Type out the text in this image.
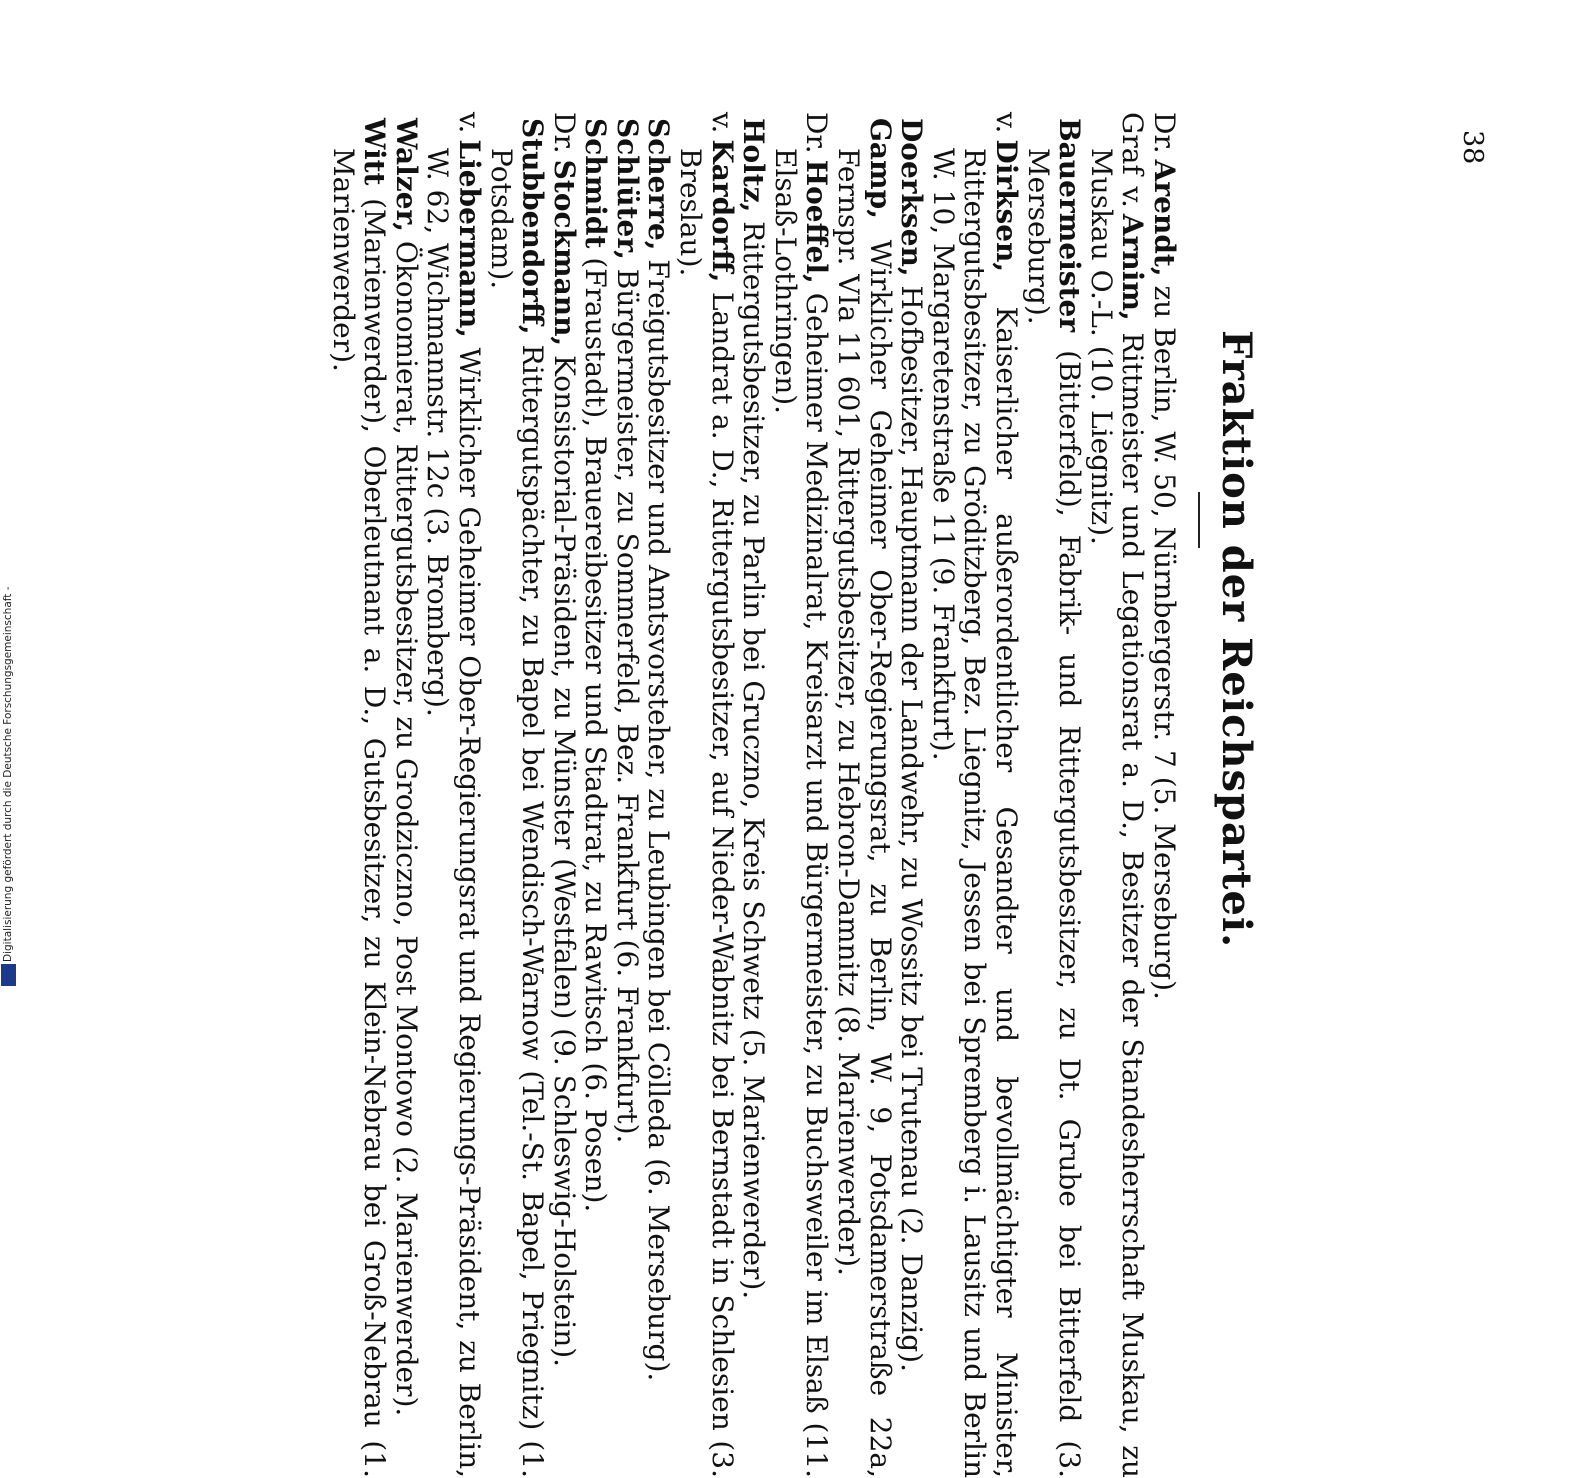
38
Fraktion der Reichspartei.

Dr.Arendt, zu Berlin, W. 50, Nürnbergerstr. 7 (5. Merseburg).

Graf v.Arnim, Rittmeister und Legationsrat a. D., Besitzer der Standesherrschaft Muskau, zu Muskau O.-L. (10. Liegnitz).

Bauermeister (Bitterfeld), Fabrik- und Rittergutsbesitzer, zu Dt. Grube bei Bitterfeld (3. Merseburg).

v.Dirksen, Kaiserlicher außerordentlicher Gesandter und bevollmächtigter Minister, Rittergutsbesitzer, zu Gröditzberg, Bez. Liegnitz, Jessen bei Spremberg i. Lausitz und Berlin W. 10, Margaretenstraße 11 (9. Frankfurt).

Doerksen, Hofbesitzer, Hauptmann der Landwehr, zu Wossitz bei Trutenau (2. Danzig).

Gamp, Wirklicher Geheimer Ober-Regierungsrat, zu Berlin, W. 9, Potsdamerstraße 22a, Fernspr. VIa 11 601, Rittergutsbesitzer, zu Hebron-Damnitz (8. Marienwerder).

Dr.Hoeffel, Geheimer Medizinalrat, Kreisarzt und Bürgermeister, zu Buchsweiler im Elsaß (11. Elsaß-Lothringen).

Holtz, Rittergutsbesitzer, zu Parlin bei Gruczno, Kreis Schwetz (5. Marienwerder).

v.Kardorff, Landrat a. D., Rittergutsbesitzer, auf Nieder-Wabnitz bei Bernstadt in Schlesien (3. Breslau).

Scherre, Freigutsbesitzer und Amtsvorsteher, zu Leubingen bei Cölleda (6. Merseburg).

Schlüter, Bürgermeister, zu Sommerfeld, Bez. Frankfurt (6. Frankfurt).

Schmidt (Fraustadt), Brauereibesitzer und Stadtrat, zu Rawitsch (6. Posen).

Dr.Stockmann, Konsistorial-Präsident, zu Münster (Westfalen) (9. Schleswig-Holstein).

Stubbendorff, Rittergutspächter, zu Bapel bei Wendisch-Warnow (Tel.-St. Bapel, Priegnitz) (1. Potsdam).

v.Liebermann, Wirklicher Geheimer Ober-Regierungsrat und Regierungs-Präsident, zu Berlin, W. 62, Wichmannstr. 12c (3. Bromberg).

Walzer, Ökonomierat, Rittergutsbesitzer, zu Grodziczno, Post Montowo (2. Marienwerder).

Witt (Marienwerder), Oberleutnant a. D., Gutsbesitzer, zu Klein-Nebrau bei Groß-Nebrau (1. Marienwerder).

Digitalisierung gefördert durch die Deutsche Forschungsgemeinschaft -
